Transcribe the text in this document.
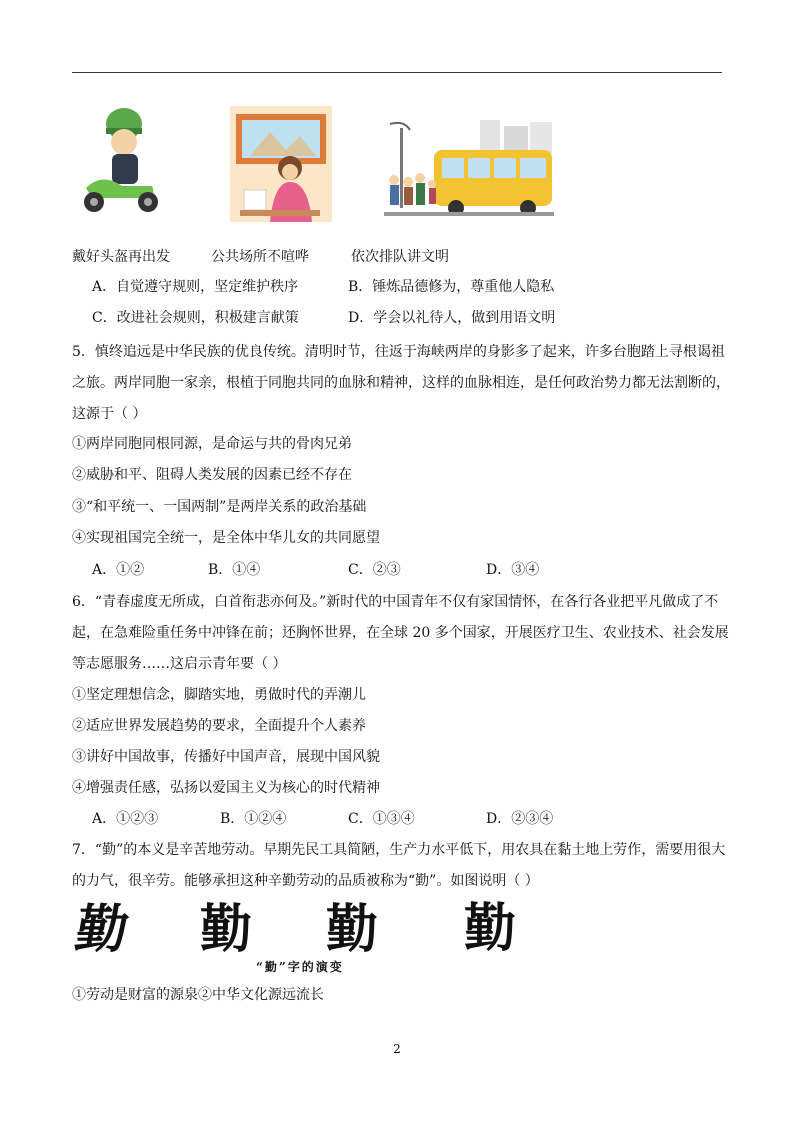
戴好头盔再出发	公共场所不喧哗	依次排队讲文明
A．自觉遵守规则，坚定维护秩序	B．锤炼品德修为，尊重他人隐私
C．改进社会规则，积极建言献策	D．学会以礼待人，做到用语文明
5．慎终追远是中华民族的优良传统。清明时节，往返于海峡两岸的身影多了起来，许多台胞踏上寻根谒祖
之旅。两岸同胞一家亲，根植于同胞共同的血脉和精神，这样的血脉相连，是任何政治势力都无法割断的，
这源于（ ）
①两岸同胞同根同源，是命运与共的骨肉兄弟
②威胁和平、阻碍人类发展的因素已经不存在
③“和平统一、一国两制”是两岸关系的政治基础
④实现祖国完全统一，是全体中华儿女的共同愿望
A．①②	B．①④	C．②③	D．③④
6．“青春虚度无所成，白首衔悲亦何及。”新时代的中国青年不仅有家国情怀，在各行各业把平凡做成了不
起，在急难险重任务中冲锋在前；还胸怀世界，在全球 20 多个国家，开展医疗卫生、农业技术、社会发展
等志愿服务……这启示青年要（ ）
①坚定理想信念，脚踏实地，勇做时代的弄潮儿
②适应世界发展趋势的要求，全面提升个人素养
③讲好中国故事，传播好中国声音，展现中国风貌
④增强责任感，弘扬以爱国主义为核心的时代精神
A．①②③	B．①②④	C．①③④	D．②③④
7．“勤”的本义是辛苦地劳动。早期先民工具简陋，生产力水平低下，用农具在黏土地上劳作，需要用很大
的力气，很辛劳。能够承担这种辛勤劳动的品质被称为“勤”。如图说明（ ）
勤 勤 勤 勤
“勤”字的演变
①劳动是财富的源泉②中华文化源远流长
2
